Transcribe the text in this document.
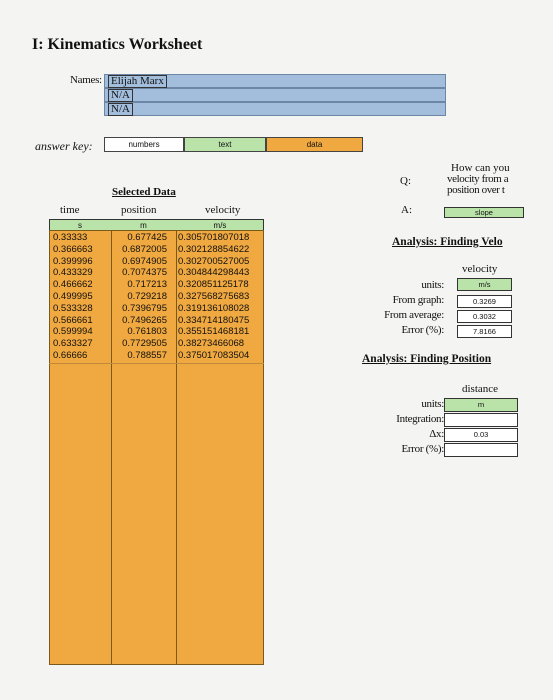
I: Kinematics Worksheet
Names: Elijah Marx
N/A
N/A
answer key:	numbers	text	data
Selected Data
time	position	velocity
s	m	m/s
0.33333	0.677425	0.305701807018
0.366663	0.6872005	0.302128854622
0.399996	0.6974905	0.302700527005
0.433329	0.7074375	0.304844298443
0.466662	0.717213	0.320851125178
0.499995	0.729218	0.327568275683
0.533328	0.7396795	0.319136108028
0.566661	0.7496265	0.334714180475
0.599994	0.761803	0.355151468181
0.633327	0.7729505	0.38273466068
0.66666	0.788557	0.375017083504
Q:
How can you
velocity from a
position over t
A:	slope
Analysis: Finding Velo
velocity
units:	m/s
From graph:	0.3269
From average:	0.3032
Error (%):	7.8166
Analysis: Finding Position
distance
units:	m
Integration:
Δx:	0.03
Error (%):
